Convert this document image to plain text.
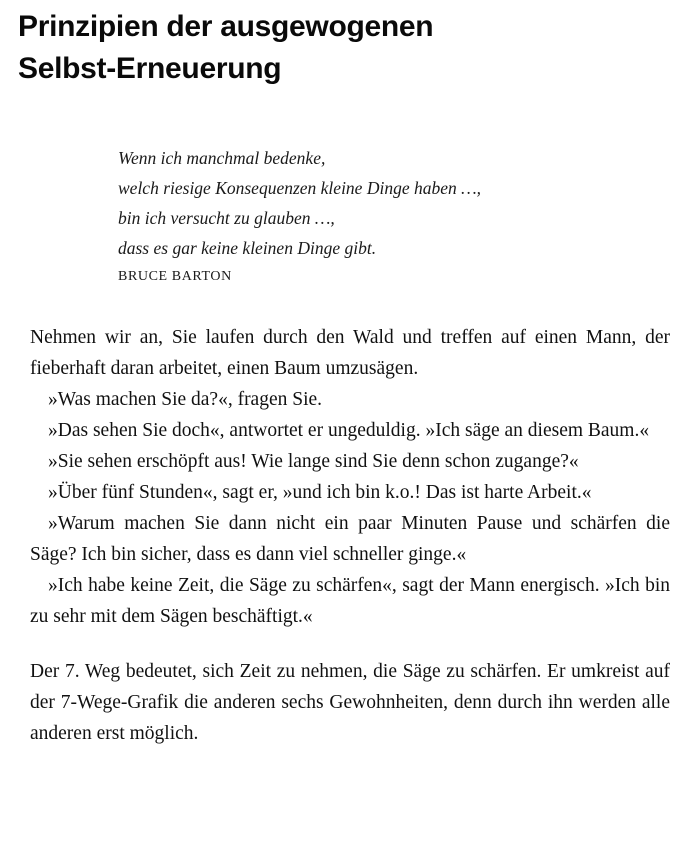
Prinzipien der ausgewogenen
Selbst-Erneuerung
Wenn ich manchmal bedenke,
welch riesige Konsequenzen kleine Dinge haben …,
bin ich versucht zu glauben …,
dass es gar keine kleinen Dinge gibt.
BRUCE BARTON

Nehmen wir an, Sie laufen durch den Wald und treffen auf einen Mann, der fieberhaft daran arbeitet, einen Baum umzusägen.

»Was machen Sie da?«, fragen Sie.

»Das sehen Sie doch«, antwortet er ungeduldig. »Ich säge an diesem Baum.«

»Sie sehen erschöpft aus! Wie lange sind Sie denn schon zugange?«

»Über fünf Stunden«, sagt er, »und ich bin k.o.! Das ist harte Arbeit.«

»Warum machen Sie dann nicht ein paar Minuten Pause und schärfen die Säge? Ich bin sicher, dass es dann viel schneller ginge.«

»Ich habe keine Zeit, die Säge zu schärfen«, sagt der Mann energisch. »Ich bin zu sehr mit dem Sägen beschäftigt.«

Der 7. Weg bedeutet, sich Zeit zu nehmen, die Säge zu schärfen. Er umkreist auf der 7-Wege-Grafik die anderen sechs Gewohnheiten, denn durch ihn werden alle anderen erst möglich.
